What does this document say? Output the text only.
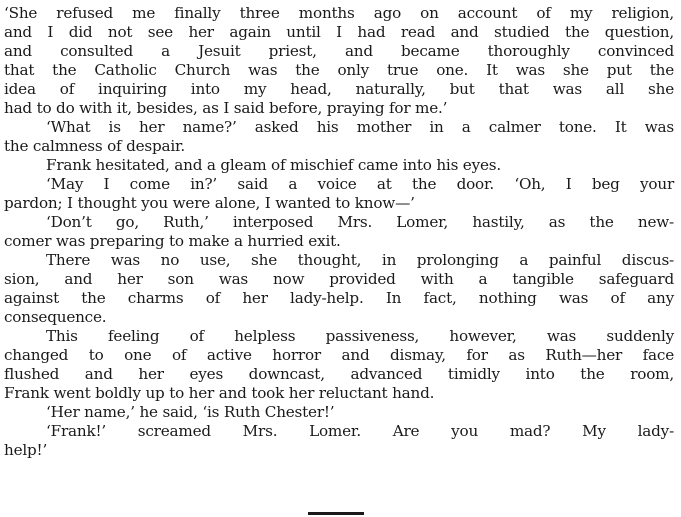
‘She refused me finally three months ago on account of my religion,
and I did not see her again until I had read and studied the question,
and consulted a Jesuit priest, and became thoroughly convinced
that the Catholic Church was the only true one. It was she put the
idea of inquiring into my head, naturally, but that was all she
had to do with it, besides, as I said before, praying for me.’
‘What is her name?’ asked his mother in a calmer tone. It was
the calmness of despair.
Frank hesitated, and a gleam of mischief came into his eyes.
‘May I come in?’ said a voice at the door. ‘Oh, I beg your
pardon; I thought you were alone, I wanted to know—’
‘Don’t go, Ruth,’ interposed Mrs. Lomer, hastily, as the new-
comer was preparing to make a hurried exit.
There was no use, she thought, in prolonging a painful discus-
sion, and her son was now provided with a tangible safeguard
against the charms of her lady-help. In fact, nothing was of any
consequence.
This feeling of helpless passiveness, however, was suddenly
changed to one of active horror and dismay, for as Ruth—her face
flushed and her eyes downcast, advanced timidly into the room,
Frank went boldly up to her and took her reluctant hand.
‘Her name,’ he said, ‘is Ruth Chester!’
‘Frank!’ screamed Mrs. Lomer. Are you mad? My lady-
help!’
